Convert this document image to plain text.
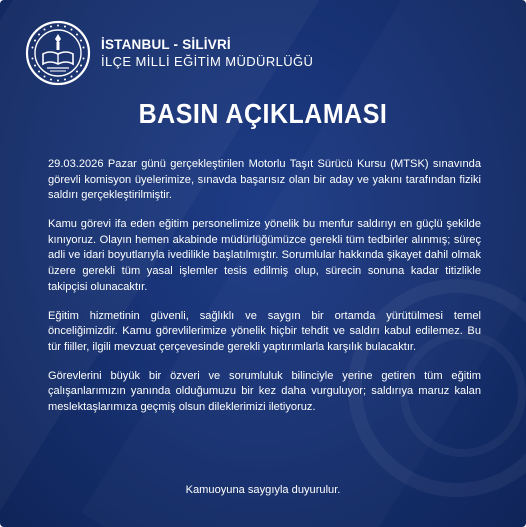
İSTANBUL - SİLİVRİ
İLÇE MİLLİ EĞİTİM MÜDÜRLÜĞÜ
BASIN AÇIKLAMASI

29.03.2026 Pazar günü gerçekleştirilen Motorlu Taşıt Sürücü Kursu (MTSK) sınavında görevli komisyon üyelerimize, sınavda başarısız olan bir aday ve yakını tarafından fiziki saldırı gerçekleştirilmiştir.

Kamu görevi ifa eden eğitim personelimize yönelik bu menfur saldırıyı en güçlü şekilde kınıyoruz. Olayın hemen akabinde müdürlüğümüzce gerekli tüm tedbirler alınmış; süreç adli ve idari boyutlarıyla ivedilikle başlatılmıştır. Sorumlular hakkında şikayet dahil olmak üzere gerekli tüm yasal işlemler tesis edilmiş olup, sürecin sonuna kadar titizlikle takipçisi olunacaktır.

Eğitim hizmetinin güvenli, sağlıklı ve saygın bir ortamda yürütülmesi temel önceliğimizdir. Kamu görevlilerimize yönelik hiçbir tehdit ve saldırı kabul edilemez. Bu tür fiiller, ilgili mevzuat çerçevesinde gerekli yaptırımlarla karşılık bulacaktır.

Görevlerini büyük bir özveri ve sorumluluk bilinciyle yerine getiren tüm eğitim çalışanlarımızın yanında olduğumuzu bir kez daha vurguluyor; saldırıya maruz kalan meslektaşlarımıza geçmiş olsun dileklerimizi iletiyoruz.

Kamuoyuna saygıyla duyurulur.
